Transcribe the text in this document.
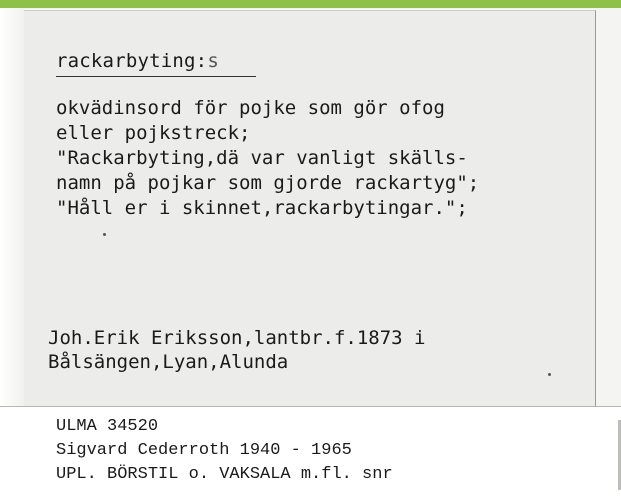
rackarbyting:s
okvädinsord för pojke som gör ofog
eller pojkstreck;
"Rackarbyting,dä var vanligt skälls-
namn på pojkar som gjorde rackartyg";
"Håll er i skinnet,rackarbytingar.";
Joh.Erik Eriksson,lantbr.f.1873 i
Bålsängen,Lyan,Alunda
ULMA 34520
Sigvard Cederroth 1940 - 1965
UPL. BÖRSTIL o. VAKSALA m.fl. snr
